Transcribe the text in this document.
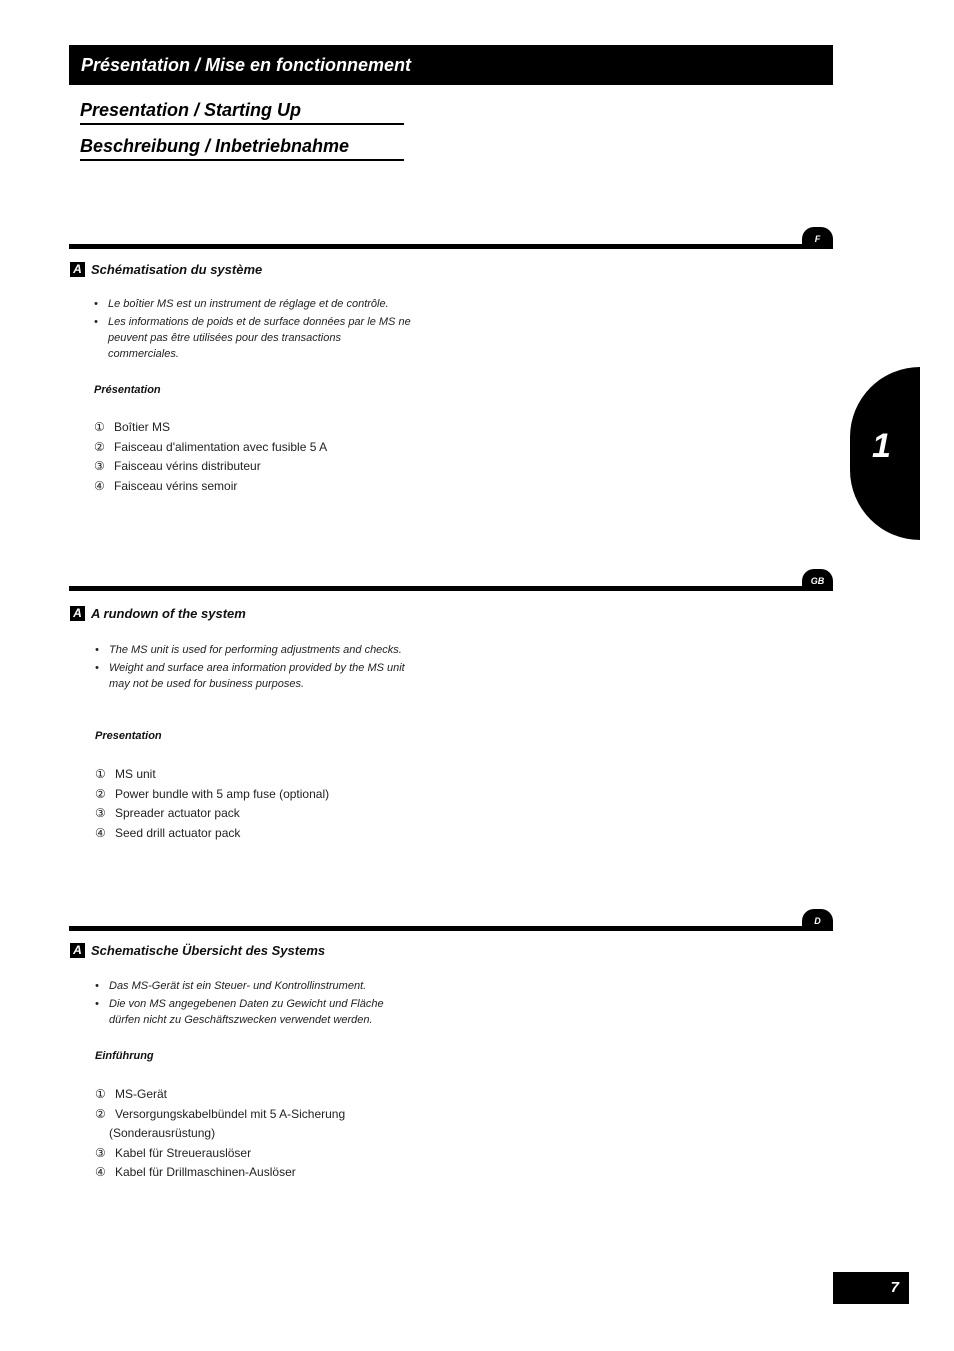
Présentation / Mise en fonctionnement
Presentation / Starting Up
Beschreibung / Inbetriebnahme
1
F
A Schématisation du système
• Le boîtier MS est un instrument de réglage et de contrôle.
• Les informations de poids et de surface données par le MS ne peuvent pas être utilisées pour des transactions commerciales.
Présentation
① Boîtier MS
② Faisceau d'alimentation avec fusible 5 A
③ Faisceau vérins distributeur
④ Faisceau vérins semoir
GB
A A rundown of the system
• The MS unit is used for performing adjustments and checks.
• Weight and surface area information provided by the MS unit may not be used for business purposes.
Presentation
① MS unit
② Power bundle with 5 amp fuse (optional)
③ Spreader actuator pack
④ Seed drill actuator pack
D
A Schematische Übersicht des Systems
• Das MS-Gerät ist ein Steuer- und Kontrollinstrument.
• Die von MS angegebenen Daten zu Gewicht und Fläche dürfen nicht zu Geschäftszwecken verwendet werden.
Einführung
① MS-Gerät
② Versorgungskabelbündel mit 5 A-Sicherung
(Sonderausrüstung)
③ Kabel für Streuerauslöser
④ Kabel für Drillmaschinen-Auslöser
7
